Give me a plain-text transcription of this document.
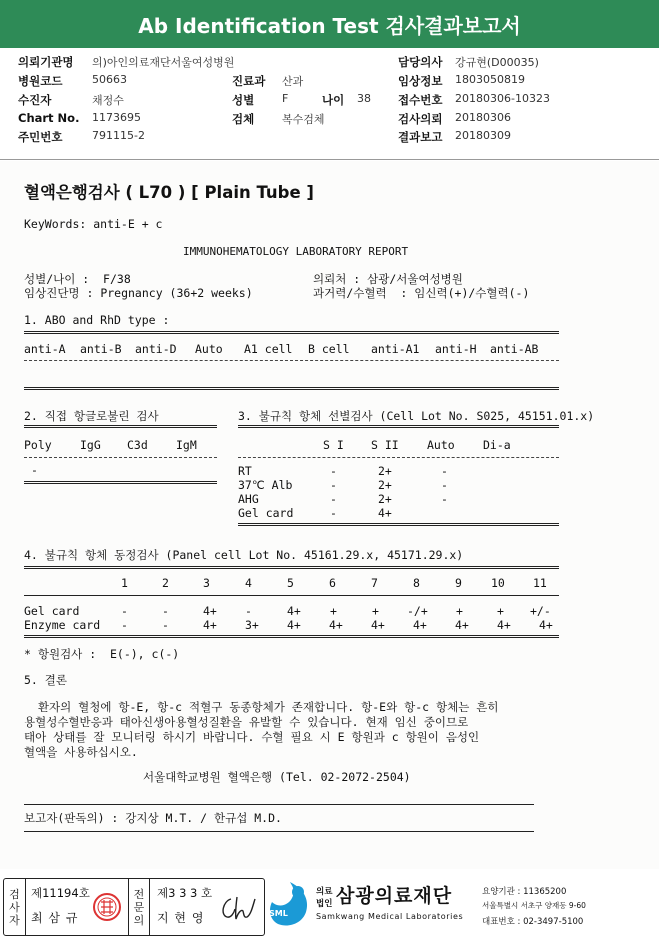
Ab Identification Test 검사결과보고서
의뢰기관명 의)아인의료재단서울여성병원
병원코드	50663
수진자	채정수
Chart No. 1173695
주민번호	791115-2
진료과 산과
성별	F	나이 38
검체	복수검체
담당의사 강규현(D00035)
임상정보 1803050819
접수번호 20180306-10323
검사의뢰 20180306
결과보고 20180309
혈액은행검사 ( L70 ) [ Plain Tube ]
KeyWords: anti-E + c
IMMUNOHEMATOLOGY LABORATORY REPORT
성별/나이 :  F/38
임상진단명 : Pregnancy (36+2 weeks)
의뢰처 : 삼광/서울여성병원
과거력/수혈력  : 임신력(+)/수혈력(-)
1. ABO and RhD type :
anti-A anti-B anti-D Auto A1 cell B cell anti-A1 anti-H anti-AB
2. 직접 항글로불린 검사
Poly IgG C3d IgM
-
3. 불규칙 항체 선별검사 (Cell Lot No. S025, 45151.01.x)
S I S II Auto Di-a
RT	-	2+	-
37℃ Alb	-	2+	-
AHG	-	2+	-
Gel card	-	4+
4. 불규칙 항체 동정검사 (Panel cell Lot No. 45161.29.x, 45171.29.x)
1	2	3	4	5	6	7	8	9	10 11
Gel card	-	-	4+ -	4+	+	+ -/+ +	+ +/-
Enzyme card -	-	4+ 3+ 4+ 4+ 4+ 4+ 4+ 4+ 4+
* 항원검사 :  E(-), c(-)
5. 결론
환자의 혈청에 항-E, 항-c 적혈구 동종항체가 존재합니다. 항-E와 항-c 항체는 흔히
용혈성수혈반응과 태아신생아용혈성질환을 유발할 수 있습니다. 현재 임신 중이므로
태아 상태를 잘 모니터링 하시기 바랍니다. 수혈 필요 시 E 항원과 c 항원이 음성인
혈액을 사용하십시오.
서울대학교병원 혈액은행 (Tel. 02-2072-2504)
보고자(판독의) : 강지상 M.T. / 한규섭 M.D.
검사자
제11194호
최 삼 규
전문의
제3 3 3 호
지 현 영	SML
의료
법인 삼광의료재단
Samkwang Medical Laboratories
요양기관 : 11365200
서울특별시 서초구 양재동 9-60
대표번호 : 02-3497-5100
